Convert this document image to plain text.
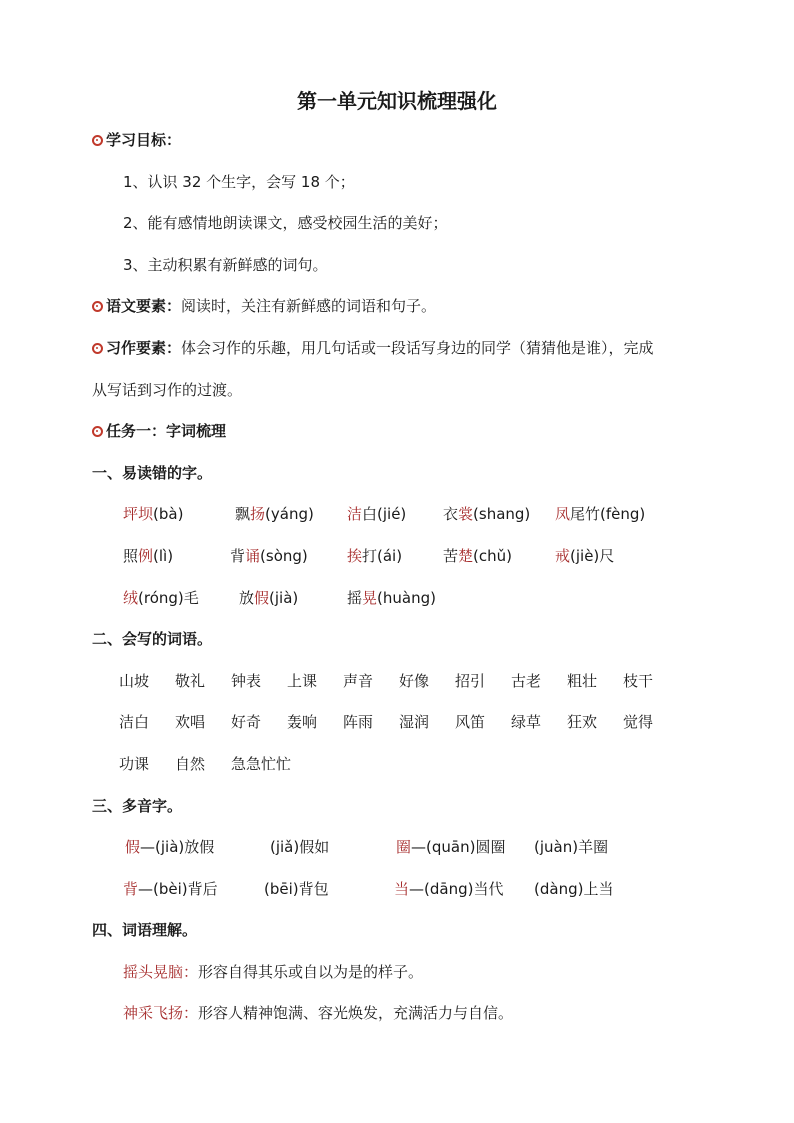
第一单元知识梳理强化
学习目标：
1、认识 32 个生字，会写 18 个；
2、能有感情地朗读课文，感受校园生活的美好；
3、主动积累有新鲜感的词句。
语文要素：阅读时，关注有新鲜感的词语和句子。
习作要素：体会习作的乐趣，用几句话或一段话写身边的同学（猜猜他是谁），完成
从写话到习作的过渡。
任务一：字词梳理
一、易读错的字。
坪坝(bà)	飘扬(yáng) 洁白(jié) 衣裳(shang) 凤尾竹(fèng)
照例(lì)	背诵(sòng)	挨打(ái)	苦楚(chǔ)	戒(jiè)尺
绒(róng)毛	放假(jià)	摇晃(huàng)
二、会写的词语。
山坡 敬礼 钟表 上课 声音 好像 招引 古老 粗壮 枝干
洁白 欢唱 好奇 轰响 阵雨 湿润 风笛 绿草 狂欢 觉得
功课 自然 急急忙忙
三、多音字。
假—(jià)放假	(jiǎ)假如	圈—(quān)圆圈 (juàn)羊圈
背—(bèi)背后	(bēi)背包	当—(dāng)当代 (dàng)上当
四、词语理解。
摇头晃脑：形容自得其乐或自以为是的样子。
神采飞扬：形容人精神饱满、容光焕发，充满活力与自信。
